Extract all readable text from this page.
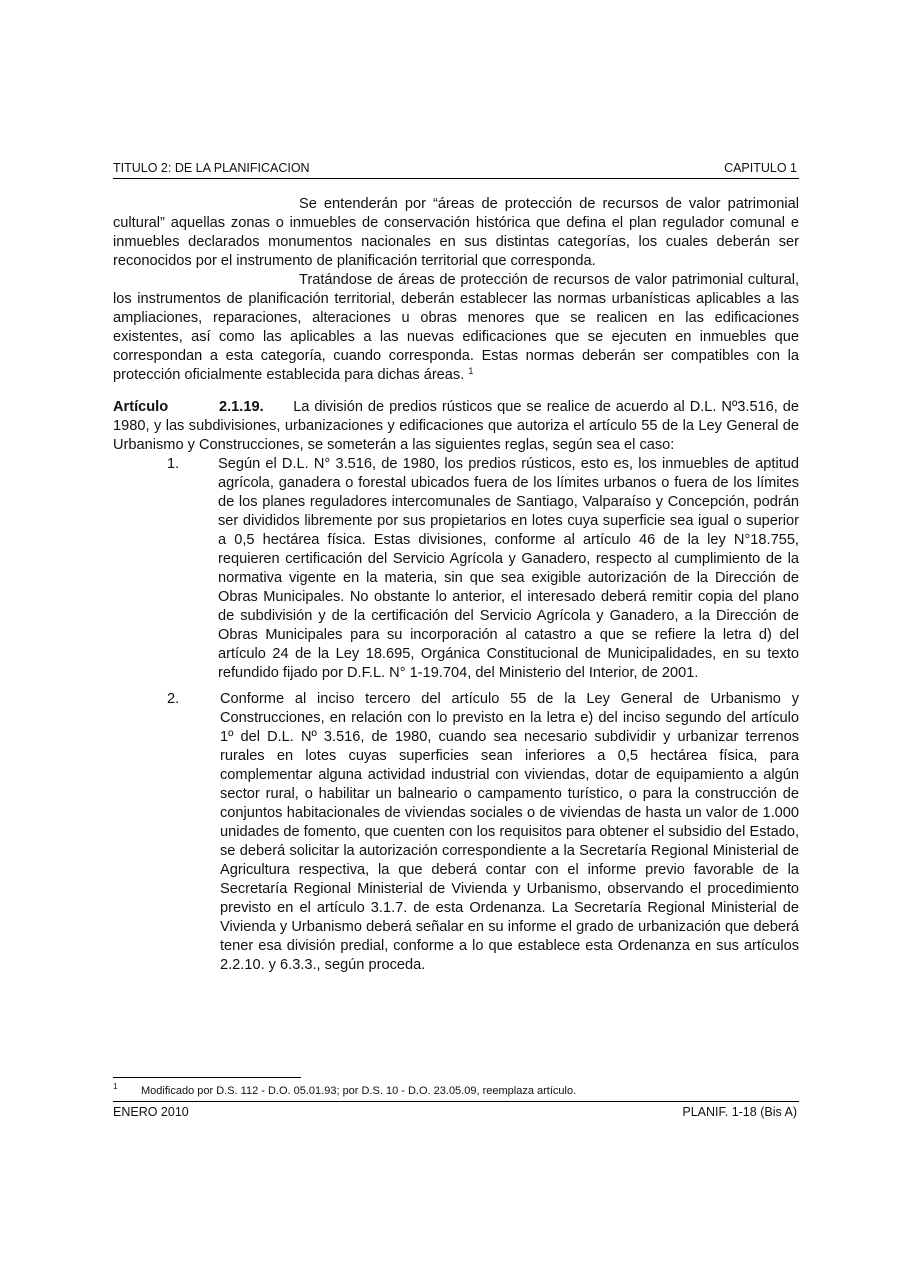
TITULO 2: DE LA PLANIFICACION	CAPITULO 1

Se entenderán por “áreas de protección de recursos de valor patrimonial cultural” aquellas zonas o inmuebles de conservación histórica que defina el plan regulador comunal e inmuebles declarados monumentos nacionales en sus distintas categorías, los cuales deberán ser reconocidos por el instrumento de planificación territorial que corresponda.

Tratándose de áreas de protección de recursos de valor patrimonial cultural, los instrumentos de planificación territorial, deberán establecer las normas urbanísticas aplicables a las ampliaciones, reparaciones, alteraciones u obras menores que se realicen en las edificaciones existentes, así como las aplicables a las nuevas edificaciones que se ejecuten en inmuebles que correspondan a esta categoría, cuando corresponda. Estas normas deberán ser compatibles con la protección oficialmente establecida para dichas áreas. $^1$

Artículo	2.1.19. La división de predios rústicos que se realice de acuerdo al D.L. Nº3.516, de 1980, y las subdivisiones, urbanizaciones y edificaciones que autoriza el artículo 55 de la Ley General de Urbanismo y Construcciones, se someterán a las siguientes reglas, según sea el caso:

1.	Según el D.L. N° 3.516, de 1980, los predios rústicos, esto es, los inmuebles de aptitud agrícola, ganadera o forestal ubicados fuera de los límites urbanos o fuera de los límites de los planes reguladores intercomunales de Santiago, Valparaíso y Concepción, podrán ser divididos libremente por sus propietarios en lotes cuya superficie sea igual o superior a 0,5 hectárea física. Estas divisiones, conforme al artículo 46 de la ley N°18.755, requieren certificación del Servicio Agrícola y Ganadero, respecto al cumplimiento de la normativa vigente en la materia, sin que sea exigible autorización de la Dirección de Obras Municipales. No obstante lo anterior, el interesado deberá remitir copia del plano de subdivisión y de la certificación del Servicio Agrícola y Ganadero, a la Dirección de Obras Municipales para su incorporación al catastro a que se refiere la letra d) del artículo 24 de la Ley 18.695, Orgánica Constitucional de Municipalidades, en su texto refundido fijado por D.F.L. N° 1-19.704, del Ministerio del Interior, de 2001.
2.	Conforme al inciso tercero del artículo 55 de la Ley General de Urbanismo y Construcciones, en relación con lo previsto en la letra e) del inciso segundo del artículo 1º del D.L. Nº 3.516, de 1980, cuando sea necesario subdividir y urbanizar terrenos rurales en lotes cuyas superficies sean inferiores a 0,5 hectárea física, para complementar alguna actividad industrial con viviendas, dotar de equipamiento a algún sector rural, o habilitar un balneario o campamento turístico, o para la construcción de conjuntos habitacionales de viviendas sociales o de viviendas de hasta un valor de 1.000 unidades de fomento, que cuenten con los requisitos para obtener el subsidio del Estado, se deberá solicitar la autorización correspondiente a la Secretaría Regional Ministerial de Agricultura respectiva, la que deberá contar con el informe previo favorable de la Secretaría Regional Ministerial de Vivienda y Urbanismo, observando el procedimiento previsto en el artículo 3.1.7. de esta Ordenanza. La Secretaría Regional Ministerial de Vivienda y Urbanismo deberá señalar en su informe el grado de urbanización que deberá tener esa división predial, conforme a lo que establece esta Ordenanza en sus artículos 2.2.10. y 6.3.3., según proceda.
1 Modificado por D.S. 112 - D.O. 05.01.93; por D.S. 10 - D.O. 23.05.09, reemplaza artículo.
ENERO 2010	PLANIF. 1-18 (Bis A)
